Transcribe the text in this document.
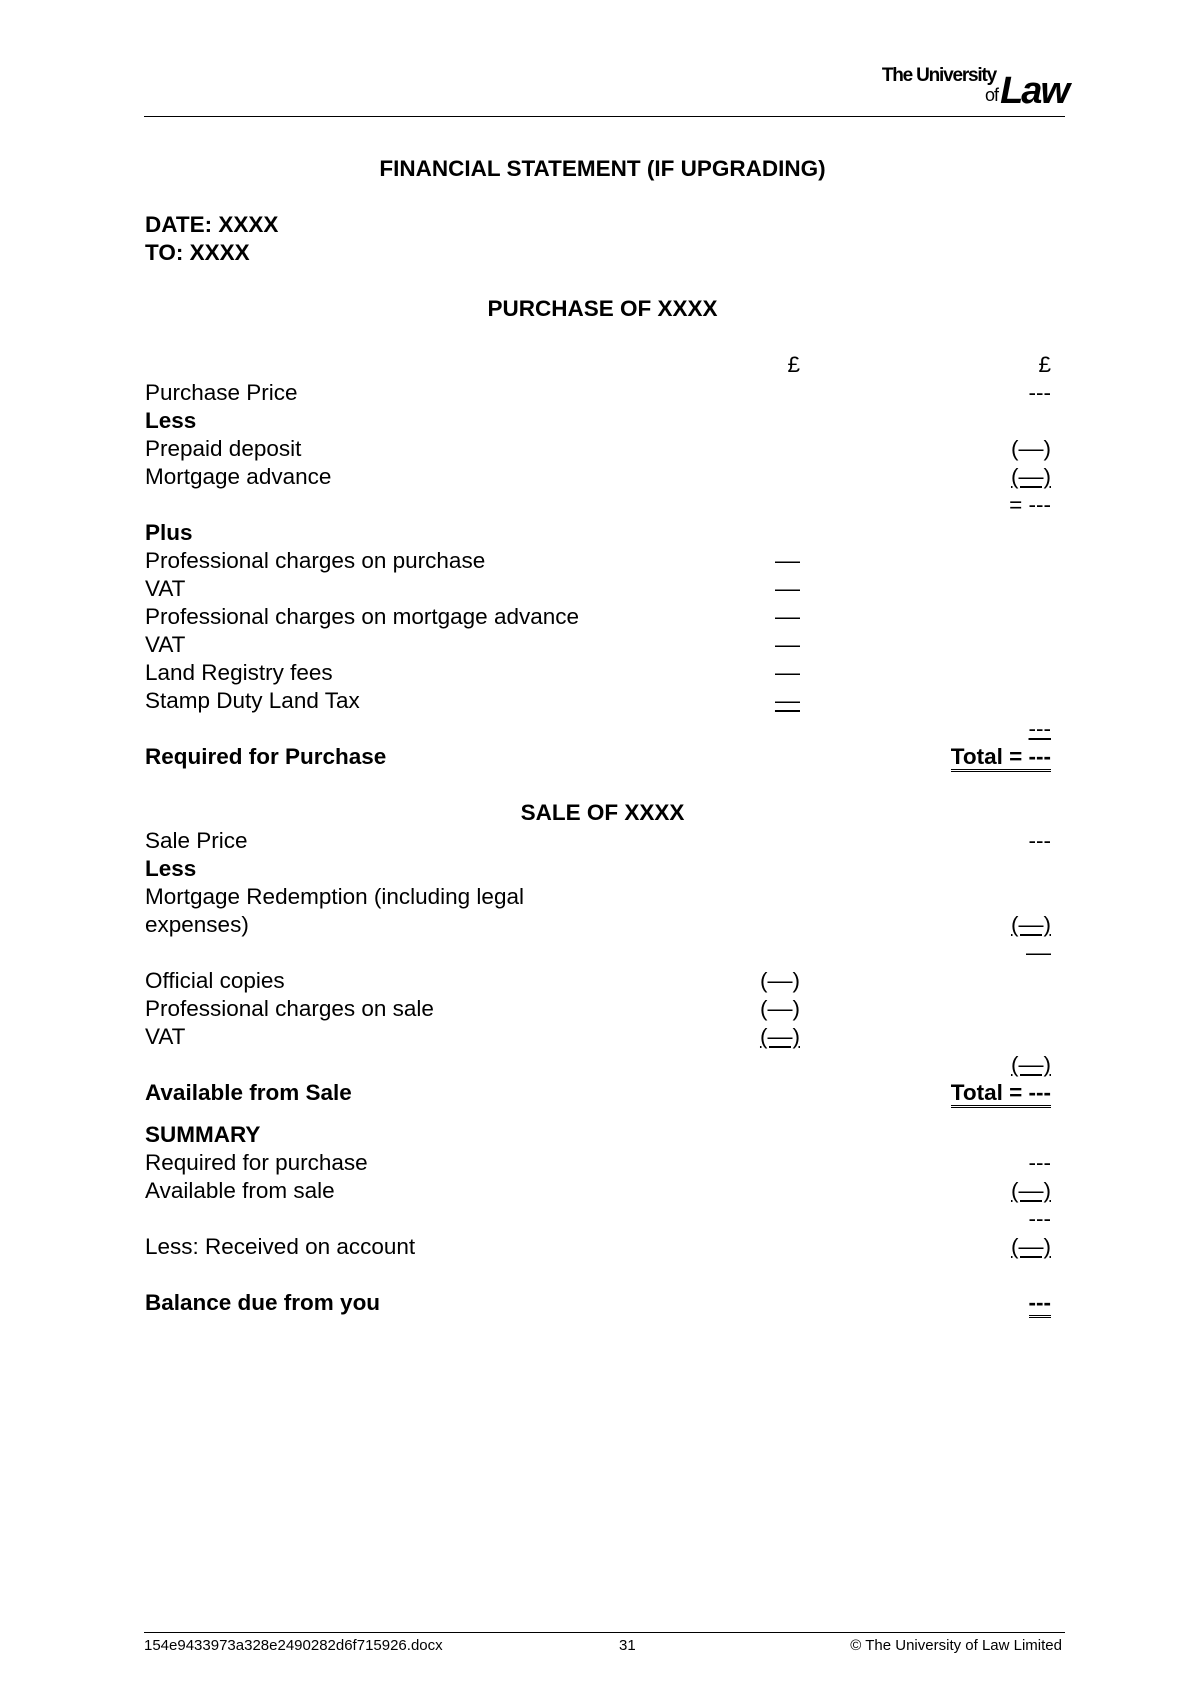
The University
of Law
FINANCIAL STATEMENT (IF UPGRADING)
DATE: XXXX
TO: XXXX
PURCHASE OF XXXX
£	£
Purchase Price	---
Less
Prepaid deposit	(––)
Mortgage advance	(––)
= ---
Plus
Professional charges on purchase	––
VAT	––
Professional charges on mortgage advance	––
VAT	––
Land Registry fees	––
Stamp Duty Land Tax	––
---
Required for Purchase	Total = ---
SALE OF XXXX
Sale Price	---
Less
Mortgage Redemption (including legal
expenses)	(––)
––
Official copies	(––)
Professional charges on sale	(––)
VAT	(––)
(––)
Available from Sale	Total = ---
SUMMARY
Required for purchase	---
Available from sale	(––)
---
Less: Received on account	(––)
Balance due from you	---
154e9433973a328e2490282d6f715926.docx	31	© The University of Law Limited
